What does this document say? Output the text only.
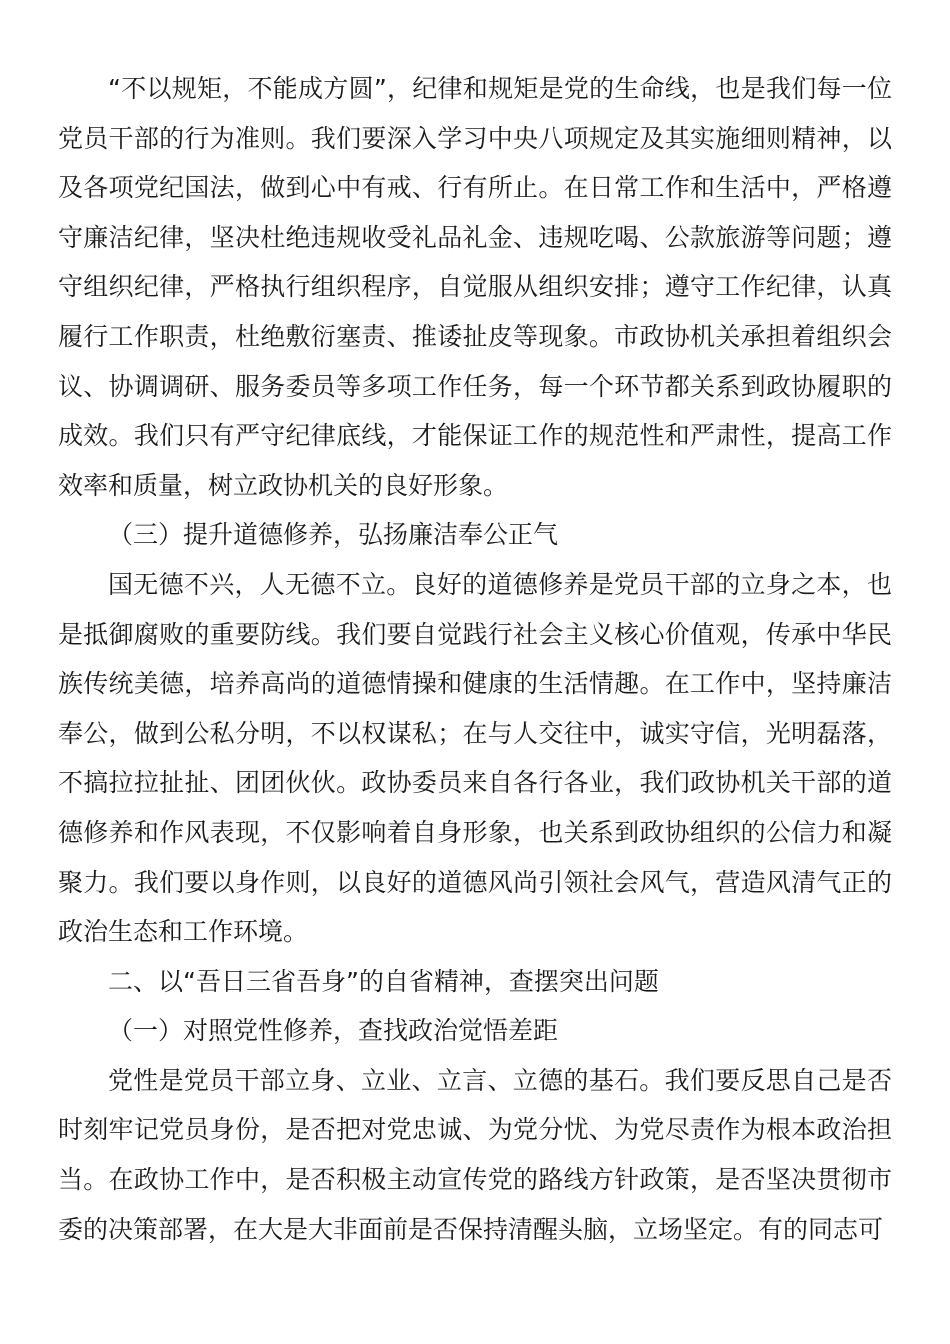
“不以规矩，不能成方圆”，纪律和规矩是党的生命线，也是我们每一位党员干部的行为准则。我们要深入学习中央八项规定及其实施细则精神，以及各项党纪国法，做到心中有戒、行有所止。在日常工作和生活中，严格遵守廉洁纪律，坚决杜绝违规收受礼品礼金、违规吃喝、公款旅游等问题；遵守组织纪律，严格执行组织程序，自觉服从组织安排；遵守工作纪律，认真履行工作职责，杜绝敷衍塞责、推诿扯皮等现象。市政协机关承担着组织会议、协调调研、服务委员等多项工作任务，每一个环节都关系到政协履职的成效。我们只有严守纪律底线，才能保证工作的规范性和严肃性，提高工作效率和质量，树立政协机关的良好形象。

（三）提升道德修养，弘扬廉洁奉公正气

国无德不兴，人无德不立。良好的道德修养是党员干部的立身之本，也是抵御腐败的重要防线。我们要自觉践行社会主义核心价值观，传承中华民族传统美德，培养高尚的道德情操和健康的生活情趣。在工作中，坚持廉洁奉公，做到公私分明，不以权谋私；在与人交往中，诚实守信，光明磊落，不搞拉拉扯扯、团团伙伙。政协委员来自各行各业，我们政协机关干部的道德修养和作风表现，不仅影响着自身形象，也关系到政协组织的公信力和凝聚力。我们要以身作则，以良好的道德风尚引领社会风气，营造风清气正的政治生态和工作环境。

二、以“吾日三省吾身”的自省精神，查摆突出问题

（一）对照党性修养，查找政治觉悟差距

党性是党员干部立身、立业、立言、立德的基石。我们要反思自己是否时刻牢记党员身份，是否把对党忠诚、为党分忧、为党尽责作为根本政治担当。在政协工作中，是否积极主动宣传党的路线方针政策，是否坚决贯彻市委的决策部署，在大是大非面前是否保持清醒头脑，立场坚定。有的同志可
